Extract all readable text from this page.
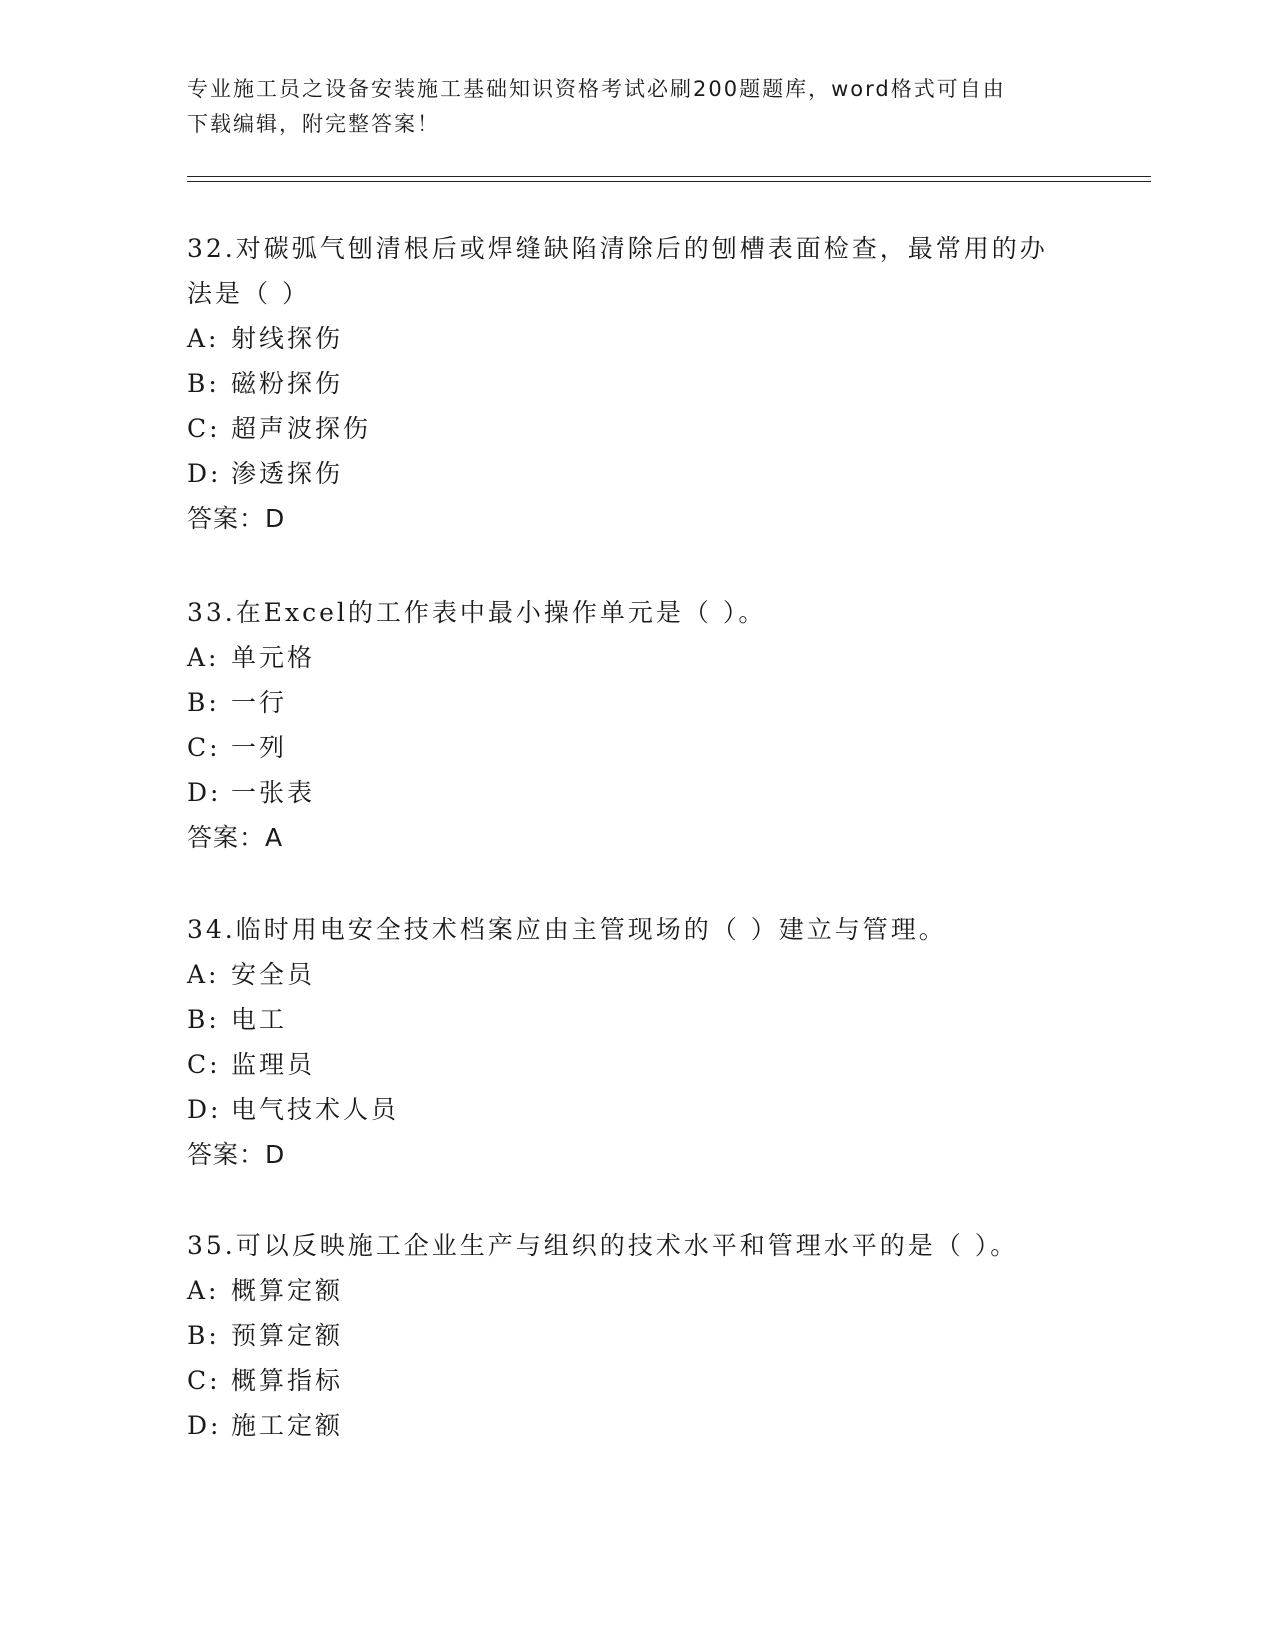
专业施工员之设备安装施工基础知识资格考试必刷200题题库，word格式可自由
下载编辑，附完整答案！

32.对碳弧气刨清根后或焊缝缺陷清除后的刨槽表面检查，最常用的办

法是（ ）

A: 射线探伤

B: 磁粉探伤

C: 超声波探伤

D: 渗透探伤

答案：D

33.在Excel的工作表中最小操作单元是（ ）。

A: 单元格

B: 一行

C: 一列

D: 一张表

答案：A

34.临时用电安全技术档案应由主管现场的（ ）建立与管理。

A: 安全员

B: 电工

C: 监理员

D: 电气技术人员

答案：D

35.可以反映施工企业生产与组织的技术水平和管理水平的是（ ）。

A: 概算定额

B: 预算定额

C: 概算指标

D: 施工定额
